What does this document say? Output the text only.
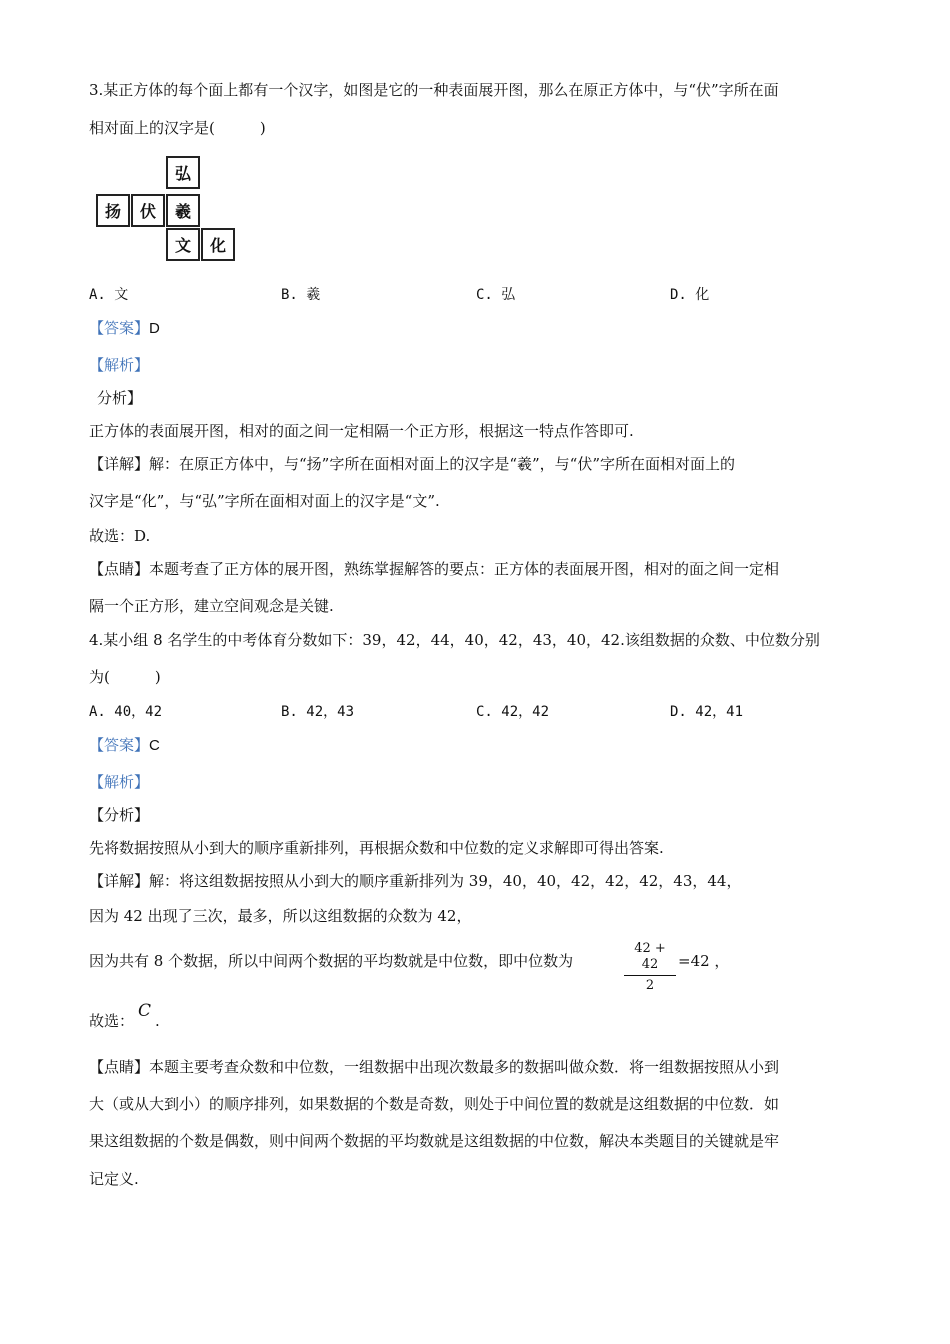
3.某正方体的每个面上都有一个汉字，如图是它的一种表面展开图，那么在原正方体中，与“伏”字所在面
相对面上的汉字是(　　　)
弘
扬	伏	羲
文	化
A. 文	B. 羲	C. 弘	D. 化
【答案】D
【解析】
分析】
正方体的表面展开图，相对的面之间一定相隔一个正方形，根据这一特点作答即可.
【详解】解：在原正方体中，与“扬”字所在面相对面上的汉字是“羲”，与“伏”字所在面相对面上的
汉字是“化”，与“弘”字所在面相对面上的汉字是“文”.
故选：D.
【点睛】本题考查了正方体的展开图，熟练掌握解答的要点：正方体的表面展开图，相对的面之间一定相
隔一个正方形，建立空间观念是关键.
4.某小组 8 名学生的中考体育分数如下：39，42，44，40，42，43，40，42.该组数据的众数、中位数分别
为(　　　)
A. 40，42	B. 42，43	C. 42，42	D. 42，41
【答案】C
【解析】
【分析】
先将数据按照从小到大的顺序重新排列，再根据众数和中位数的定义求解即可得出答案.
【详解】解：将这组数据按照从小到大的顺序重新排列为 39，40，40，42，42，42，43，44，
因为 42 出现了三次，最多，所以这组数据的众数为 42，
因为共有 8 个数据，所以中间两个数据的平均数就是中位数，即中位数为
42 + 42
2
=42 ，
故选： C .
【点睛】本题主要考查众数和中位数，一组数据中出现次数最多的数据叫做众数．将一组数据按照从小到
大（或从大到小）的顺序排列，如果数据的个数是奇数，则处于中间位置的数就是这组数据的中位数．如
果这组数据的个数是偶数，则中间两个数据的平均数就是这组数据的中位数，解决本类题目的关键就是牢
记定义.
